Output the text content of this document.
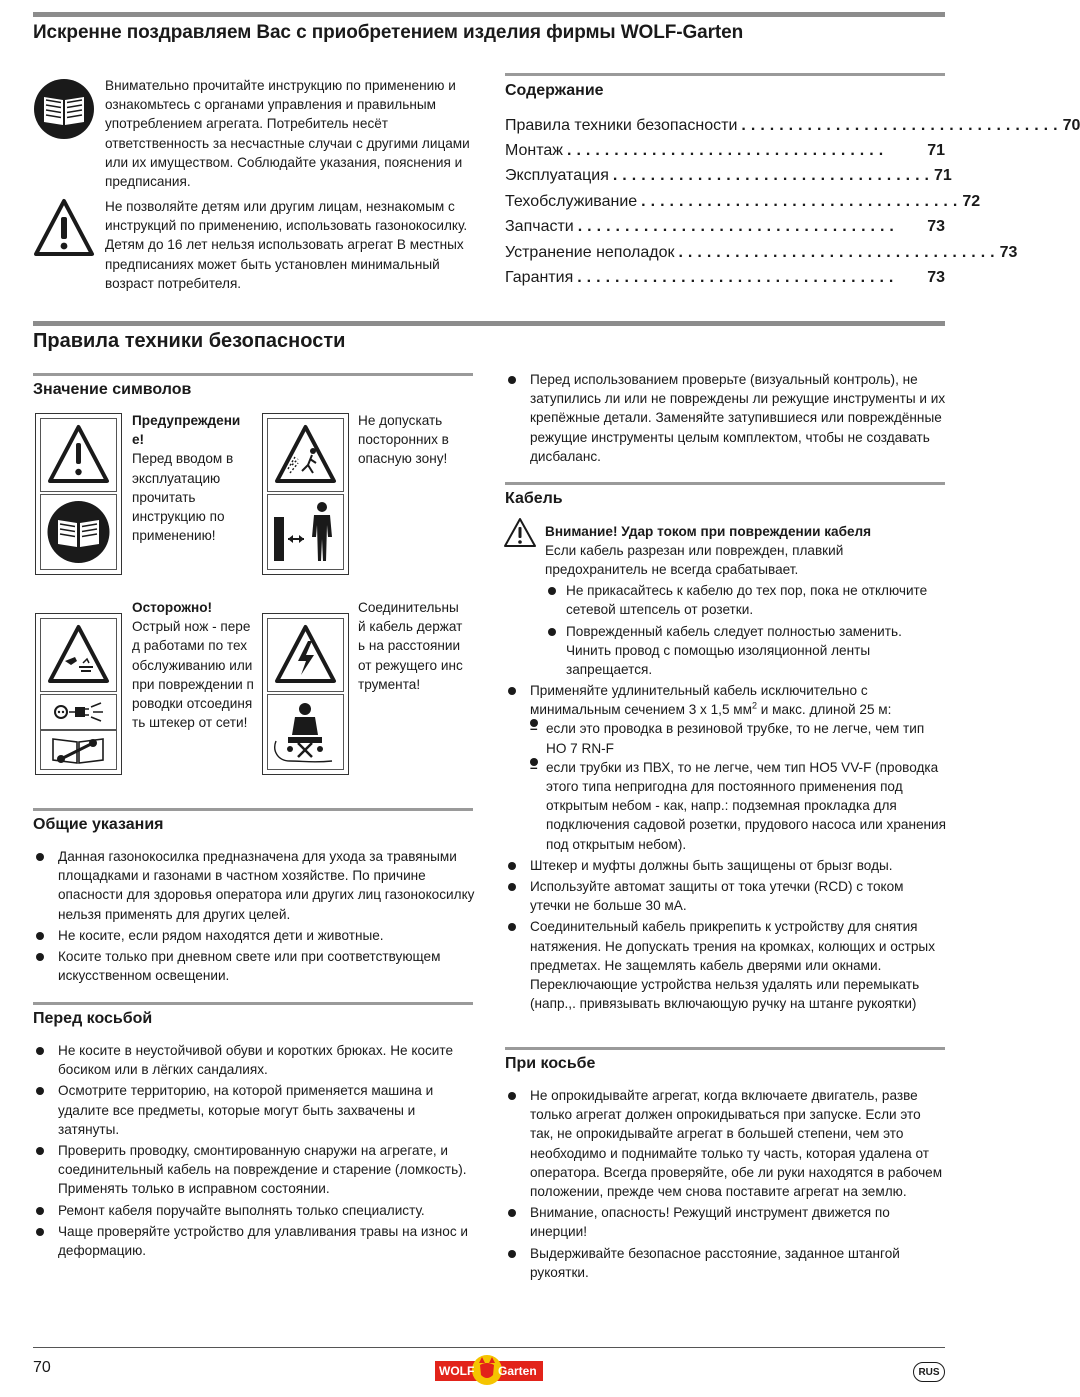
Искренне поздравляем Вас с приобретением изделия фирмы WOLF-Garten
Внимательно прочитайте инструкцию по применению и ознакомьтесь с органами управления и правильным употреблением агрегата. Потребитель несёт ответственность за несчастные случаи с другими лицами или их имуществом. Соблюдайте указания, пояснения и предписания.
Не позволяйте детям или другим лицам, незнакомым с инструкций по применению, использовать газонокосилку. Детям до 16 лет нельзя использовать агрегат В местных предписаниях может быть установлен минимальный возраст потребителя.
Содержание
Правила техники безопасности .................................. 70
Монтаж ..................................	71
Эксплуатация .................................. 71
Техобслуживание .................................. 72
Запчасти ..................................	73
Устранение неполадок .................................. 73
Гарантия ..................................	73
Правила техники безопасности
Значение символов
Предупреждение!
Перед вводом в эксплуатацию прочитать инструкцию по применению!
Не допускать посторонних в опасную зону!
Осторожно!
Острый нож - перед работами по техобслуживанию или при повреждении проводки отсоединять штекер от сети!
Соединительный кабель держать на расстоянии от режущего инструмента!
Общие указания
Данная газонокосилка предназначена для ухода за травяными площадками и газонами в частном хозяйстве. По причине опасности для здоровья оператора или других лиц газонокосилку нельзя применять для других целей.
Не косите, если рядом находятся дети и животные.
Косите только при дневном свете или при соответствующем искусственном освещении.
Перед косьбой
Не косите в неустойчивой обуви и коротких брюках. Не косите босиком или в лёгких сандалиях.
Осмотрите территорию, на которой применяется машина и удалите все предметы, которые могут быть захвачены и затянуты.
Проверить проводку, смонтированную снаружи на агрегате, и соединительный кабель на повреждение и старение (ломкость). Применять только в исправном состоянии.
Ремонт кабеля поручайте выполнять только специалисту.
Чаще проверяйте устройство для улавливания травы на износ и деформацию.
Перед использованием проверьте (визуальный контроль), не затупились ли или не повреждены ли режущие инструменты и их крепёжные детали. Заменяйте затупившиеся или повреждённые режущие инструменты целым комплектом, чтобы не создавать дисбаланс.
Кабель
Внимание! Удар током при повреждении кабеля
Если кабель разрезан или поврежден, плавкий предохранитель не всегда срабатывает.
Не прикасайтесь к кабелю до тех пор, пока не отключите сетевой штепсель от розетки.
Поврежденный кабель следует полностью заменить. Чинить провод с помощью изоляционной ленты запрещается.
Применяйте удлинительный кабель исключительно с минимальным сечением 3 x 1,5 $мм^2$ и макс. длиной 25 м:
– если это проводка в резиновой трубке, то не легче, чем тип HO 7 RN-F
– если трубки из ПВХ, то не легче, чем тип HO5 VV-F (проводка этого типа непригодна для постоянного применения под открытым небом - как, напр.: подземная прокладка для подключения садовой розетки, прудового насоса или хранения под открытым небом).
Штекер и муфты должны быть защищены от брызг воды.
Используйте автомат защиты от тока утечки (RCD) с током утечки не больше 30 мА.
Соединительный кабель прикрепить к устройству для снятия натяжения. Не допускать трения на кромках, колющих и острых предметах. Не защемлять кабель дверями или окнами. Переключающие устройства нельзя удалять или перемыкать (напр.,. привязывать включающую ручку на штанге рукоятки)
При косьбе
Не опрокидывайте агрегат, когда включаете двигатель, разве только агрегат должен опрокидываться при запуске. Если это так, не опрокидывайте агрегат в большей степени, чем это необходимо и поднимайте только ту часть, которая удалена от оператора. Всегда проверяйте, обе ли руки находятся в рабочем положении, прежде чем снова поставите агрегат на землю.
Внимание, опасность! Режущий инструмент движется по инерции!
Выдерживайте безопасное расстояние, заданное штангой рукоятки.
70	WOLF Garten	RUS
